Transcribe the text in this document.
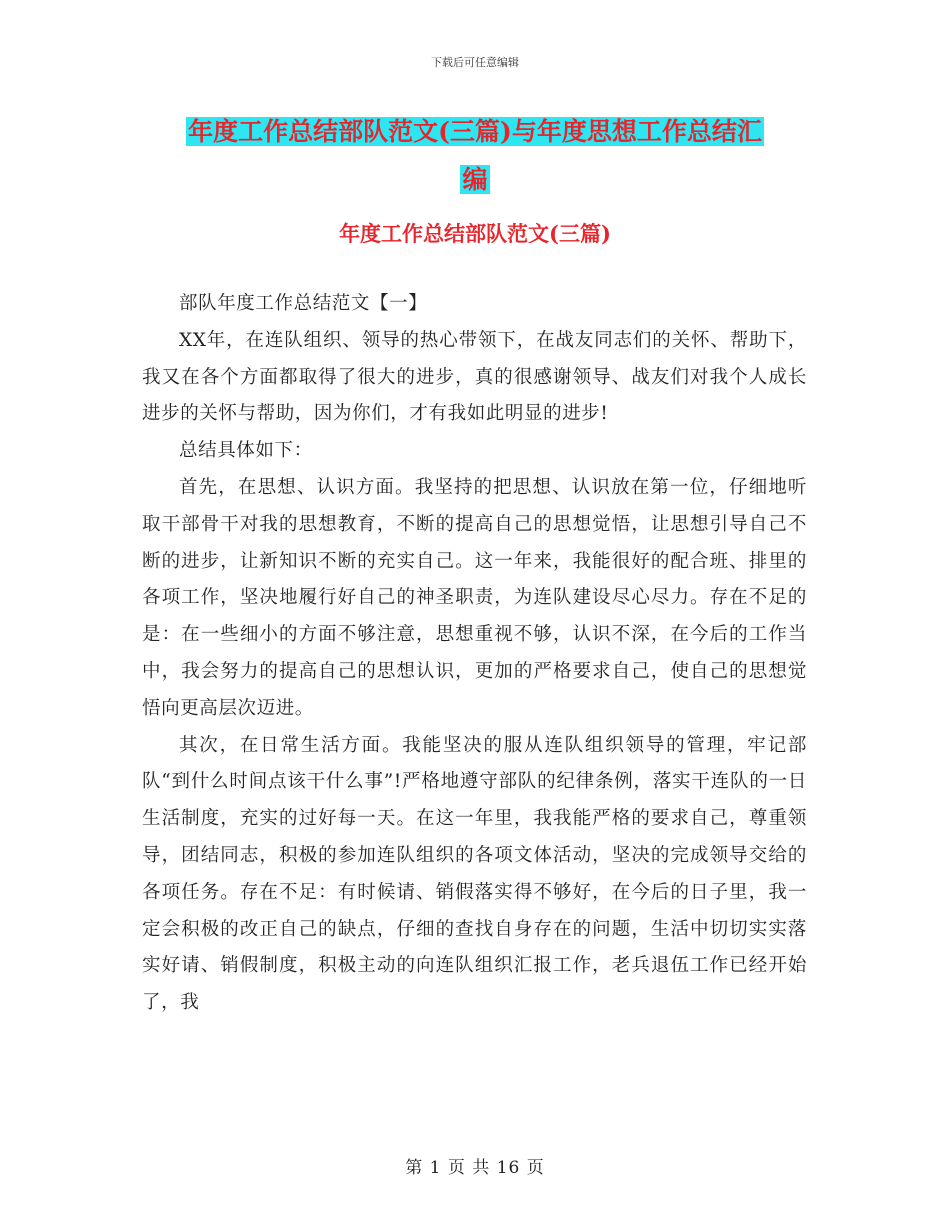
下载后可任意编辑
年度工作总结部队范文(三篇)与年度思想工作总结汇
编
年度工作总结部队范文(三篇)

部队年度工作总结范文【一】

XX年，在连队组织、领导的热心带领下，在战友同志们的关怀、帮助下，我又在各个方面都取得了很大的进步，真的很感谢领导、战友们对我个人成长进步的关怀与帮助，因为你们，才有我如此明显的进步!

总结具体如下：

首先，在思想、认识方面。我坚持的把思想、认识放在第一位，仔细地听取干部骨干对我的思想教育，不断的提高自己的思想觉悟，让思想引导自己不断的进步，让新知识不断的充实自己。这一年来，我能很好的配合班、排里的各项工作，坚决地履行好自己的神圣职责，为连队建设尽心尽力。存在不足的是：在一些细小的方面不够注意，思想重视不够，认识不深，在今后的工作当中，我会努力的提高自己的思想认识，更加的严格要求自己，使自己的思想觉悟向更高层次迈进。

其次，在日常生活方面。我能坚决的服从连队组织领导的管理，牢记部队“到什么时间点该干什么事”!严格地遵守部队的纪律条例，落实干连队的一日生活制度，充实的过好每一天。在这一年里，我我能严格的要求自己，尊重领导，团结同志，积极的参加连队组织的各项文体活动，坚决的完成领导交给的各项任务。存在不足：有时候请、销假落实得不够好，在今后的日子里，我一定会积极的改正自己的缺点，仔细的查找自身存在的问题，生活中切切实实落实好请、销假制度，积极主动的向连队组织汇报工作，老兵退伍工作已经开始了，我

第 1 页 共 16 页
